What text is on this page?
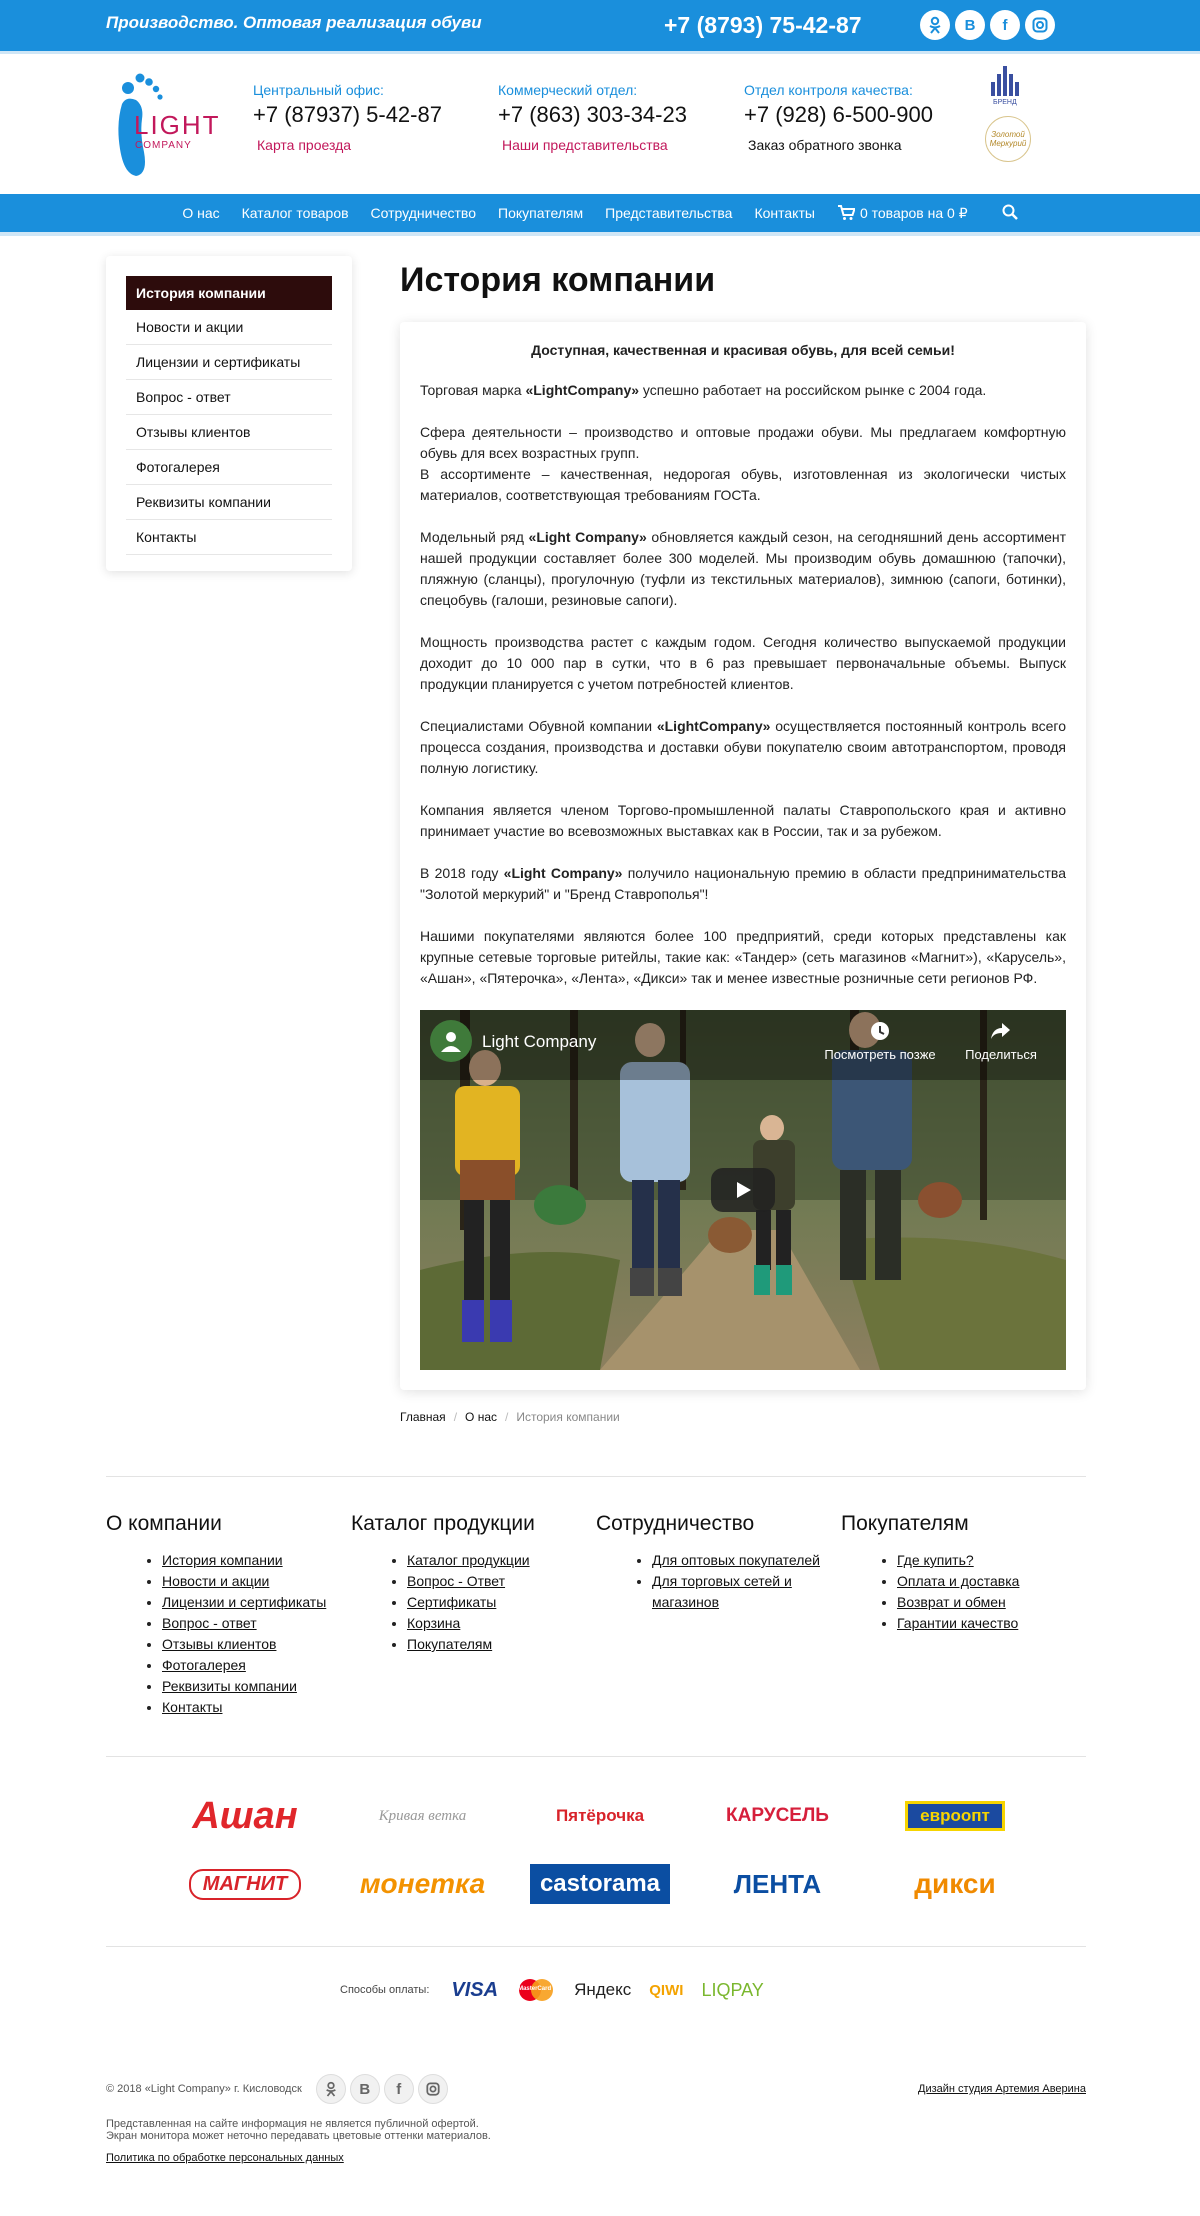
Производство. Оптовая реализация обуви	+7 (8793) 75-42-87	В	f
LIGHT
COMPANY
Центральный офис:
+7 (87937) 5-42-87
Карта проезда
Коммерческий отдел:
+7 (863) 303-34-23
Наши представительства
Отдел контроля качества:
+7 (928) 6-500-900
Заказ обратного звонка
БРЕНД
Золотой Меркурий
О нас	Каталог товаров	Сотрудничество	Покупателям	Представительства	Контакты	0 товаров на 0 ₽
История компании
Новости и акции
Лицензии и сертификаты
Вопрос - ответ
Отзывы клиентов
Фотогалерея
Реквизиты компании
Контакты
История компании
Доступная, качественная и красивая обувь, для всей семьи!

Торговая марка «LightCompany» успешно работает на российском рынке с 2004 года.

Сфера деятельности – производство и оптовые продажи обуви. Мы предлагаем комфортную обувь для всех возрастных групп.

В ассортименте – качественная, недорогая обувь, изготовленная из экологически чистых материалов, соответствующая требованиям ГОСТа.

Модельный ряд «Light Company» обновляется каждый сезон, на сегодняшний день ассортимент нашей продукции составляет более 300 моделей. Мы производим обувь домашнюю (тапочки), пляжную (сланцы), прогулочную (туфли из текстильных материалов), зимнюю (сапоги, ботинки), спецобувь (галоши, резиновые сапоги).

Мощность производства растет с каждым годом. Сегодня количество выпускаемой продукции доходит до 10 000 пар в сутки, что в 6 раз превышает первоначальные объемы. Выпуск продукции планируется с учетом потребностей клиентов.

Специалистами Обувной компании «LightCompany» осуществляется постоянный контроль всего процесса создания, производства и доставки обуви покупателю своим автотранспортом, проводя полную логистику.

Компания является членом Торгово-промышленной палаты Ставропольского края и активно принимает участие во всевозможных выставках как в России, так и за рубежом.

В 2018 году «Light Company» получило национальную премию в области предпринимательства "Золотой меркурий" и "Бренд Ставрополья"!

Нашими покупателями являются более 100 предприятий, среди которых представлены как крупные сетевые торговые ритейлы, такие как: «Тандер» (сеть магазинов «Магнит»), «Карусель», «Ашан», «Пятерочка», «Лента», «Дикси» так и менее известные розничные сети регионов РФ.

Light Company
Посмотреть позже	Поделиться
Главная / О нас / История компании
О компании
• История компании
• Новости и акции
• Лицензии и сертификаты
• Вопрос - ответ
• Отзывы клиентов
• Фотогалерея
• Реквизиты компании
• Контакты
Каталог продукции
• Каталог продукции
• Вопрос - Ответ
• Сертификаты
• Корзина
• Покупателям
Сотрудничество
• Для оптовых покупателей
• Для торговых сетей и магазинов
Покупателям
• Где купить?
• Оплата и доставка
• Возврат и обмен
• Гарантии качество
Ашан	Кривая ветка	Пятёрочка	КАРУСЕЛЬ	евроопт
МАГНИТ	монетка	castorama	ЛЕНТА	дикси
Способы оплаты: VISA	MasterCard Яндекс QIWI LIQPAY
© 2018 «Light Company» г. Кисловодск	В	f	Дизайн студия Артемия Аверина
Представленная на сайте информация не является публичной офертой.
Экран монитора может неточно передавать цветовые оттенки материалов.
Политика по обработке персональных данных
